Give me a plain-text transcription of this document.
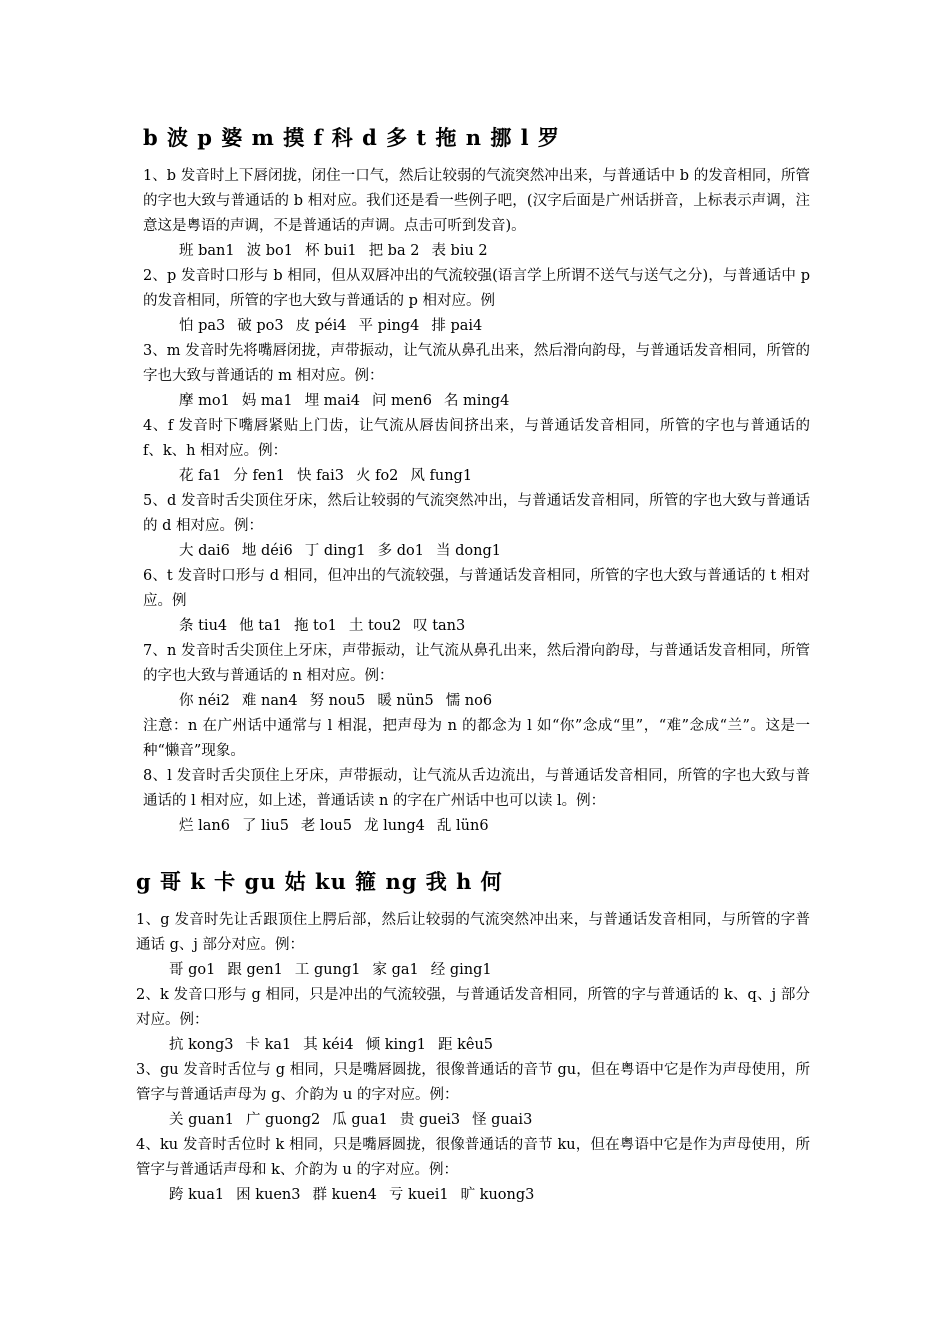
b 波 p 婆 m 摸 f 科 d 多 t 拖 n 挪 l 罗

1、b 发音时上下唇闭拢，闭住一口气，然后让较弱的气流突然冲出来，与普通话中 b 的发音相同，所管的字也大致与普通话的 b 相对应。我们还是看一些例子吧，(汉字后面是广州话拼音，上标表示声调，注意这是粤语的声调，不是普通话的声调。点击可听到发音)。

班 ban1 波 bo1 杯 bui1 把 ba 2 表 biu 2

2、p 发音时口形与 b 相同，但从双唇冲出的气流较强(语言学上所谓不送气与送气之分)，与普通话中 p 的发音相同，所管的字也大致与普通话的 p 相对应。例

怕 pa3 破 po3 皮 péi4 平 ping4 排 pai4

3、m 发音时先将嘴唇闭拢，声带振动，让气流从鼻孔出来，然后滑向韵母，与普通话发音相同，所管的字也大致与普通话的 m 相对应。例：

摩 mo1 妈 ma1 埋 mai4 问 men6 名 ming4

4、f 发音时下嘴唇紧贴上门齿，让气流从唇齿间挤出来，与普通话发音相同，所管的字也与普通话的 f、k、h 相对应。例：

花 fa1 分 fen1 快 fai3 火 fo2 风 fung1

5、d 发音时舌尖顶住牙床，然后让较弱的气流突然冲出，与普通话发音相同，所管的字也大致与普通话的 d 相对应。例：

大 dai6 地 déi6 丁 ding1 多 do1 当 dong1

6、t 发音时口形与 d 相同，但冲出的气流较强，与普通话发音相同，所管的字也大致与普通话的 t 相对应。例

条 tiu4 他 ta1 拖 to1 土 tou2 叹 tan3

7、n 发音时舌尖顶住上牙床，声带振动，让气流从鼻孔出来，然后滑向韵母，与普通话发音相同，所管的字也大致与普通话的 n 相对应。例：

你 néi2 难 nan4 努 nou5 暖 nün5 懦 no6

注意：n 在广州话中通常与 l 相混，把声母为 n 的都念为 l 如“你”念成“里”，“难”念成“兰”。这是一种“懒音”现象。

8、l 发音时舌尖顶住上牙床，声带振动，让气流从舌边流出，与普通话发音相同，所管的字也大致与普通话的 l 相对应，如上述，普通话读 n 的字在广州话中也可以读 l。例：

烂 lan6 了 liu5 老 lou5 龙 lung4 乱 lün6
g 哥 k 卡 gu 姑 ku 箍 ng 我 h 何

1、g 发音时先让舌跟顶住上腭后部，然后让较弱的气流突然冲出来，与普通话发音相同，与所管的字普通话 g、j 部分对应。例：

哥 go1 跟 gen1 工 gung1 家 ga1 经 ging1

2、k 发音口形与 g 相同，只是冲出的气流较强，与普通话发音相同，所管的字与普通话的 k、q、j 部分对应。例：

抗 kong3 卡 ka1 其 kéi4 倾 king1 距 kêu5

3、gu 发音时舌位与 g 相同，只是嘴唇圆拢，很像普通话的音节 gu，但在粤语中它是作为声母使用，所管字与普通话声母为 g、介韵为 u 的字对应。例：

关 guan1 广 guong2 瓜 gua1 贵 guei3 怪 guai3

4、ku 发音时舌位时 k 相同，只是嘴唇圆拢，很像普通话的音节 ku，但在粤语中它是作为声母使用，所管字与普通话声母和 k、介韵为 u 的字对应。例：

跨 kua1 困 kuen3 群 kuen4 亏 kuei1 旷 kuong3
